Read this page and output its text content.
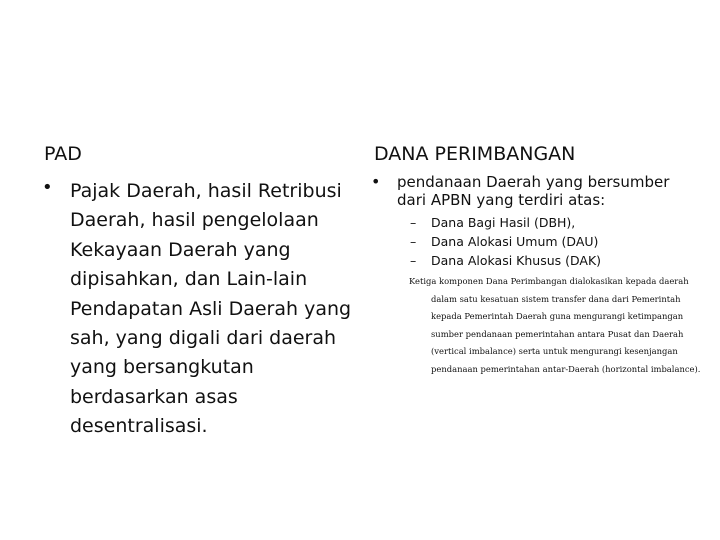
PAD
• Pajak Daerah, hasil Retribusi Daerah, hasil pengelolaan Kekayaan Daerah yang dipisahkan, dan Lain-lain Pendapatan Asli Daerah yang sah, yang digali dari daerah yang bersangkutan berdasarkan asas desentralisasi.
DANA PERIMBANGAN
• pendanaan Daerah yang bersumber dari APBN yang terdiri atas:
– Dana Bagi Hasil (DBH),
– Dana Alokasi Umum (DAU)
– Dana Alokasi Khusus (DAK)
Ketiga komponen Dana Perimbangan dialokasikan kepada daerah dalam satu kesatuan sistem transfer dana dari Pemerintah kepada Pemerintah Daerah guna mengurangi ketimpangan sumber pendanaan pemerintahan antara Pusat dan Daerah (vertical imbalance) serta untuk mengurangi kesenjangan pendanaan pemerintahan antar-Daerah (horizontal imbalance).
